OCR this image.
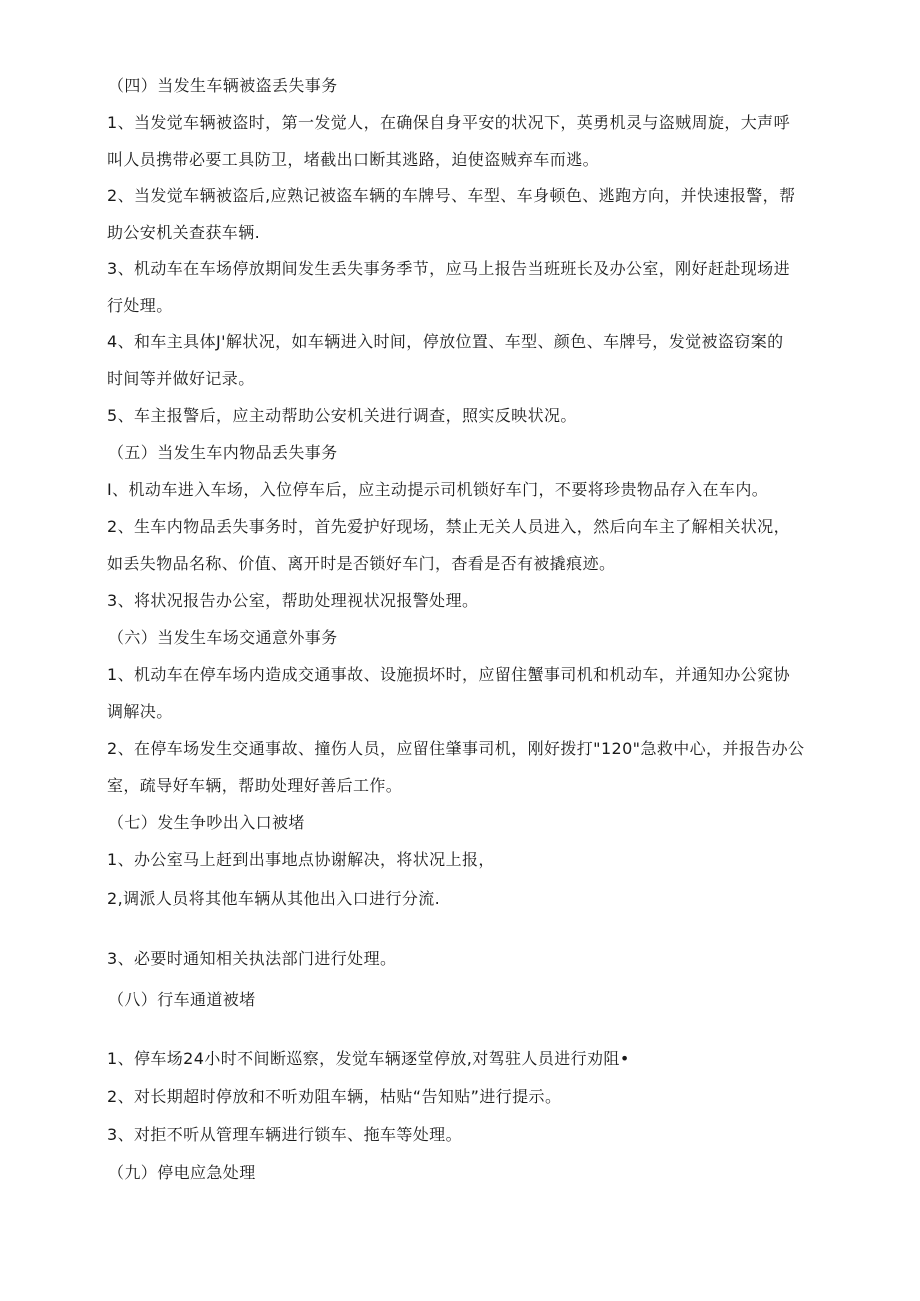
（四）当发生车辆被盗丢失事务
1、当发觉车辆被盗时，第一发觉人，在确保自身平安的状况下，英勇机灵与盗贼周旋，大声呼
叫人员携带必要工具防卫，堵截出口断其逃路，迫使盗贼弃车而逃。
2、当发觉车辆被盗后,应熟记被盗车辆的车牌号、车型、车身顿色、逃跑方向，并快速报警，帮
助公安机关查获车辆.
3、机动车在车场停放期间发生丢失事务季节，应马上报告当班班长及办公室，刚好赶赴现场进
行处理。
4、和车主具体J'解状况，如车辆进入时间，停放位置、车型、颜色、车牌号，发觉被盗窃案的
时间等并做好记录。
5、车主报警后，应主动帮助公安机关进行调查，照实反映状况。
（五）当发生车内物品丢失事务
I、机动车进入车场，入位停车后，应主动提示司机锁好车门，不要将珍贵物品存入在车内。
2、生车内物品丢失事务时，首先爱护好现场，禁止无关人员进入，然后向车主了解相关状况，
如丢失物品名称、价值、离开时是否锁好车门，杳看是否有被撬痕迹。
3、将状况报告办公室，帮助处理视状况报警处理。
（六）当发生车场交通意外事务
1、机动车在停车场内造成交通事故、设施损坏时，应留住蟹事司机和机动车，并通知办公窕协
调解决。
2、在停车场发生交通事故、撞伤人员，应留住肇事司机，刚好拨打"120"急救中心，并报告办公
室，疏导好车辆，帮助处理好善后工作。
（七）发生争吵出入口被堵
1、办公室马上赶到出事地点协谢解决，将状况上报，
2,调派人员将其他车辆从其他出入口进行分流.
3、必要时通知相关执法部门进行处理。
（八）行车通道被堵
1、停车场24小时不间断巡察，发觉车辆逐堂停放,对驾驻人员进行劝阻•
2、对长期超时停放和不听劝阻车辆，枯贴“告知贴”进行提示。
3、对拒不听从管理车辆进行锁车、拖车等处理。
（九）停电应急处理
